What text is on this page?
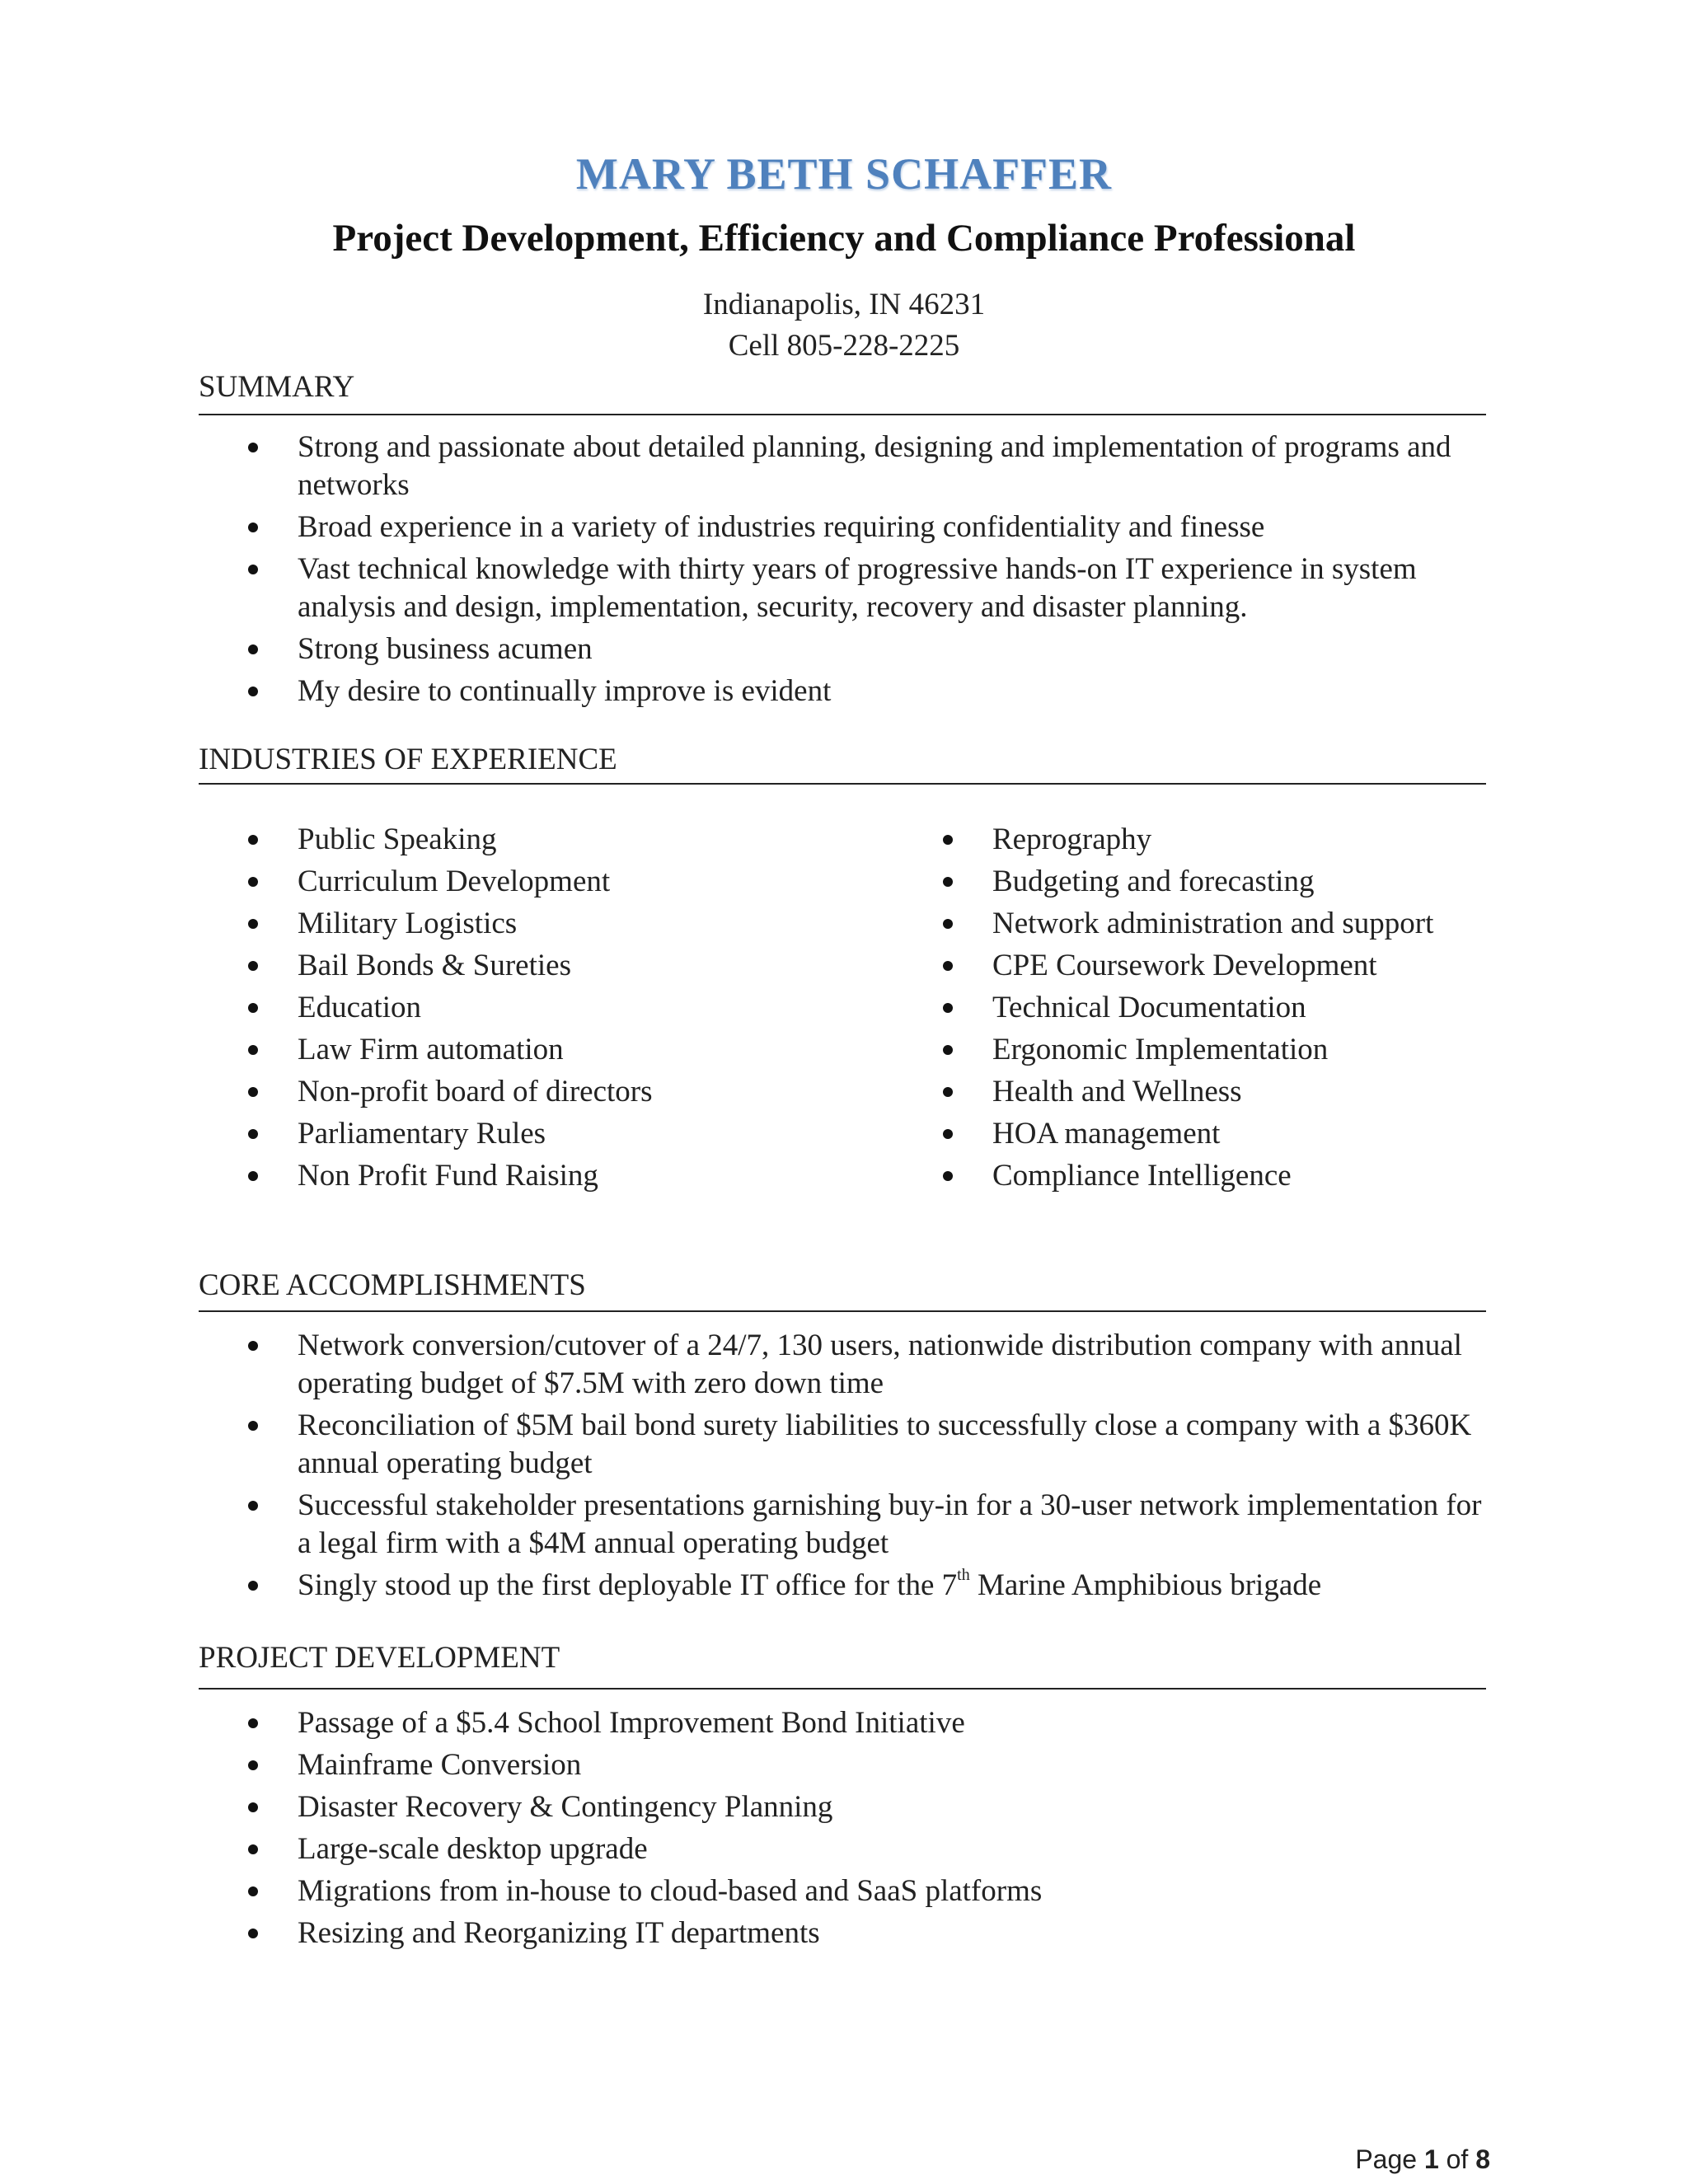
MARY BETH SCHAFFER
Project Development, Efficiency and Compliance Professional
Indianapolis, IN 46231
Cell 805-228-2225
SUMMARY
Strong and passionate about detailed planning, designing and implementation of programs and networks
Broad experience in a variety of industries requiring confidentiality and finesse
Vast technical knowledge with thirty years of progressive hands-on IT experience in system analysis and design, implementation, security, recovery and disaster planning.
Strong business acumen
My desire to continually improve is evident
INDUSTRIES OF EXPERIENCE
Public Speaking
Curriculum Development
Military Logistics
Bail Bonds & Sureties
Education
Law Firm automation
Non-profit board of directors
Parliamentary Rules
Non Profit Fund Raising
Reprography
Budgeting and forecasting
Network administration and support
CPE Coursework Development
Technical Documentation
Ergonomic Implementation
Health and Wellness
HOA management
Compliance Intelligence
CORE ACCOMPLISHMENTS
Network conversion/cutover of a 24/7, 130 users, nationwide distribution company with annual operating budget of $7.5M with zero down time
Reconciliation of $5M bail bond surety liabilities to successfully close a company with a $360K annual operating budget
Successful stakeholder presentations garnishing buy-in for a 30-user network implementation for a legal firm with a $4M annual operating budget
Singly stood up the first deployable IT office for the 7th Marine Amphibious brigade
PROJECT DEVELOPMENT
Passage of a $5.4 School Improvement Bond Initiative
Mainframe Conversion
Disaster Recovery & Contingency Planning
Large-scale desktop upgrade
Migrations from in-house to cloud-based and SaaS platforms
Resizing and Reorganizing IT departments
Page 1 of 8
